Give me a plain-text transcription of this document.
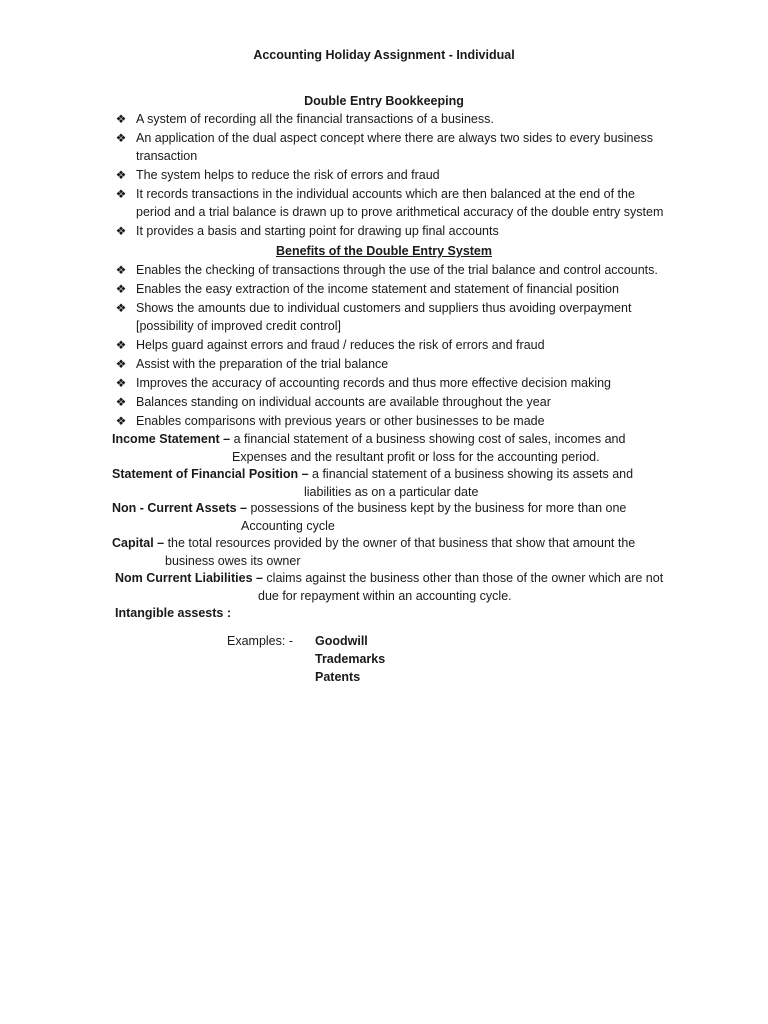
Accounting Holiday Assignment - Individual
Double Entry Bookkeeping
❖ A system of recording all the financial transactions of a business.
❖ An application of the dual aspect concept where there are always two sides to every business transaction
❖ The system helps to reduce the risk of errors and fraud
❖ It records transactions in the individual accounts which are then balanced at the end of the period and a trial balance is drawn up to prove arithmetical accuracy of the double entry system
❖ It provides a basis and starting point for drawing up final accounts
Benefits of the Double Entry System
❖ Enables the checking of transactions through the use of the trial balance and control accounts.
❖ Enables the easy extraction of the income statement and statement of financial position
❖ Shows the amounts due to individual customers and suppliers thus avoiding overpayment [possibility of improved credit control]
❖ Helps guard against errors and fraud / reduces the risk of errors and fraud
❖ Assist with the preparation of the trial balance
❖ Improves the accuracy of accounting records and thus more effective decision making
❖ Balances standing on individual accounts are available throughout the year
❖ Enables comparisons with previous years or other businesses to be made
Income Statement – a financial statement of a business showing cost of sales, incomes and
Expenses and the resultant profit or loss for the accounting period.
Statement of Financial Position – a financial statement of a business showing its assets and
liabilities as on a particular date
Non - Current Assets – possessions of the business kept by the business for more than one
Accounting cycle
Capital – the total resources provided by the owner of that business that show that amount the
business owes its owner
Nom Current Liabilities – claims against the business other than those of the owner which are not
due for repayment within an accounting cycle.
Intangible assests :
Examples: - Goodwill
Trademarks
Patents
